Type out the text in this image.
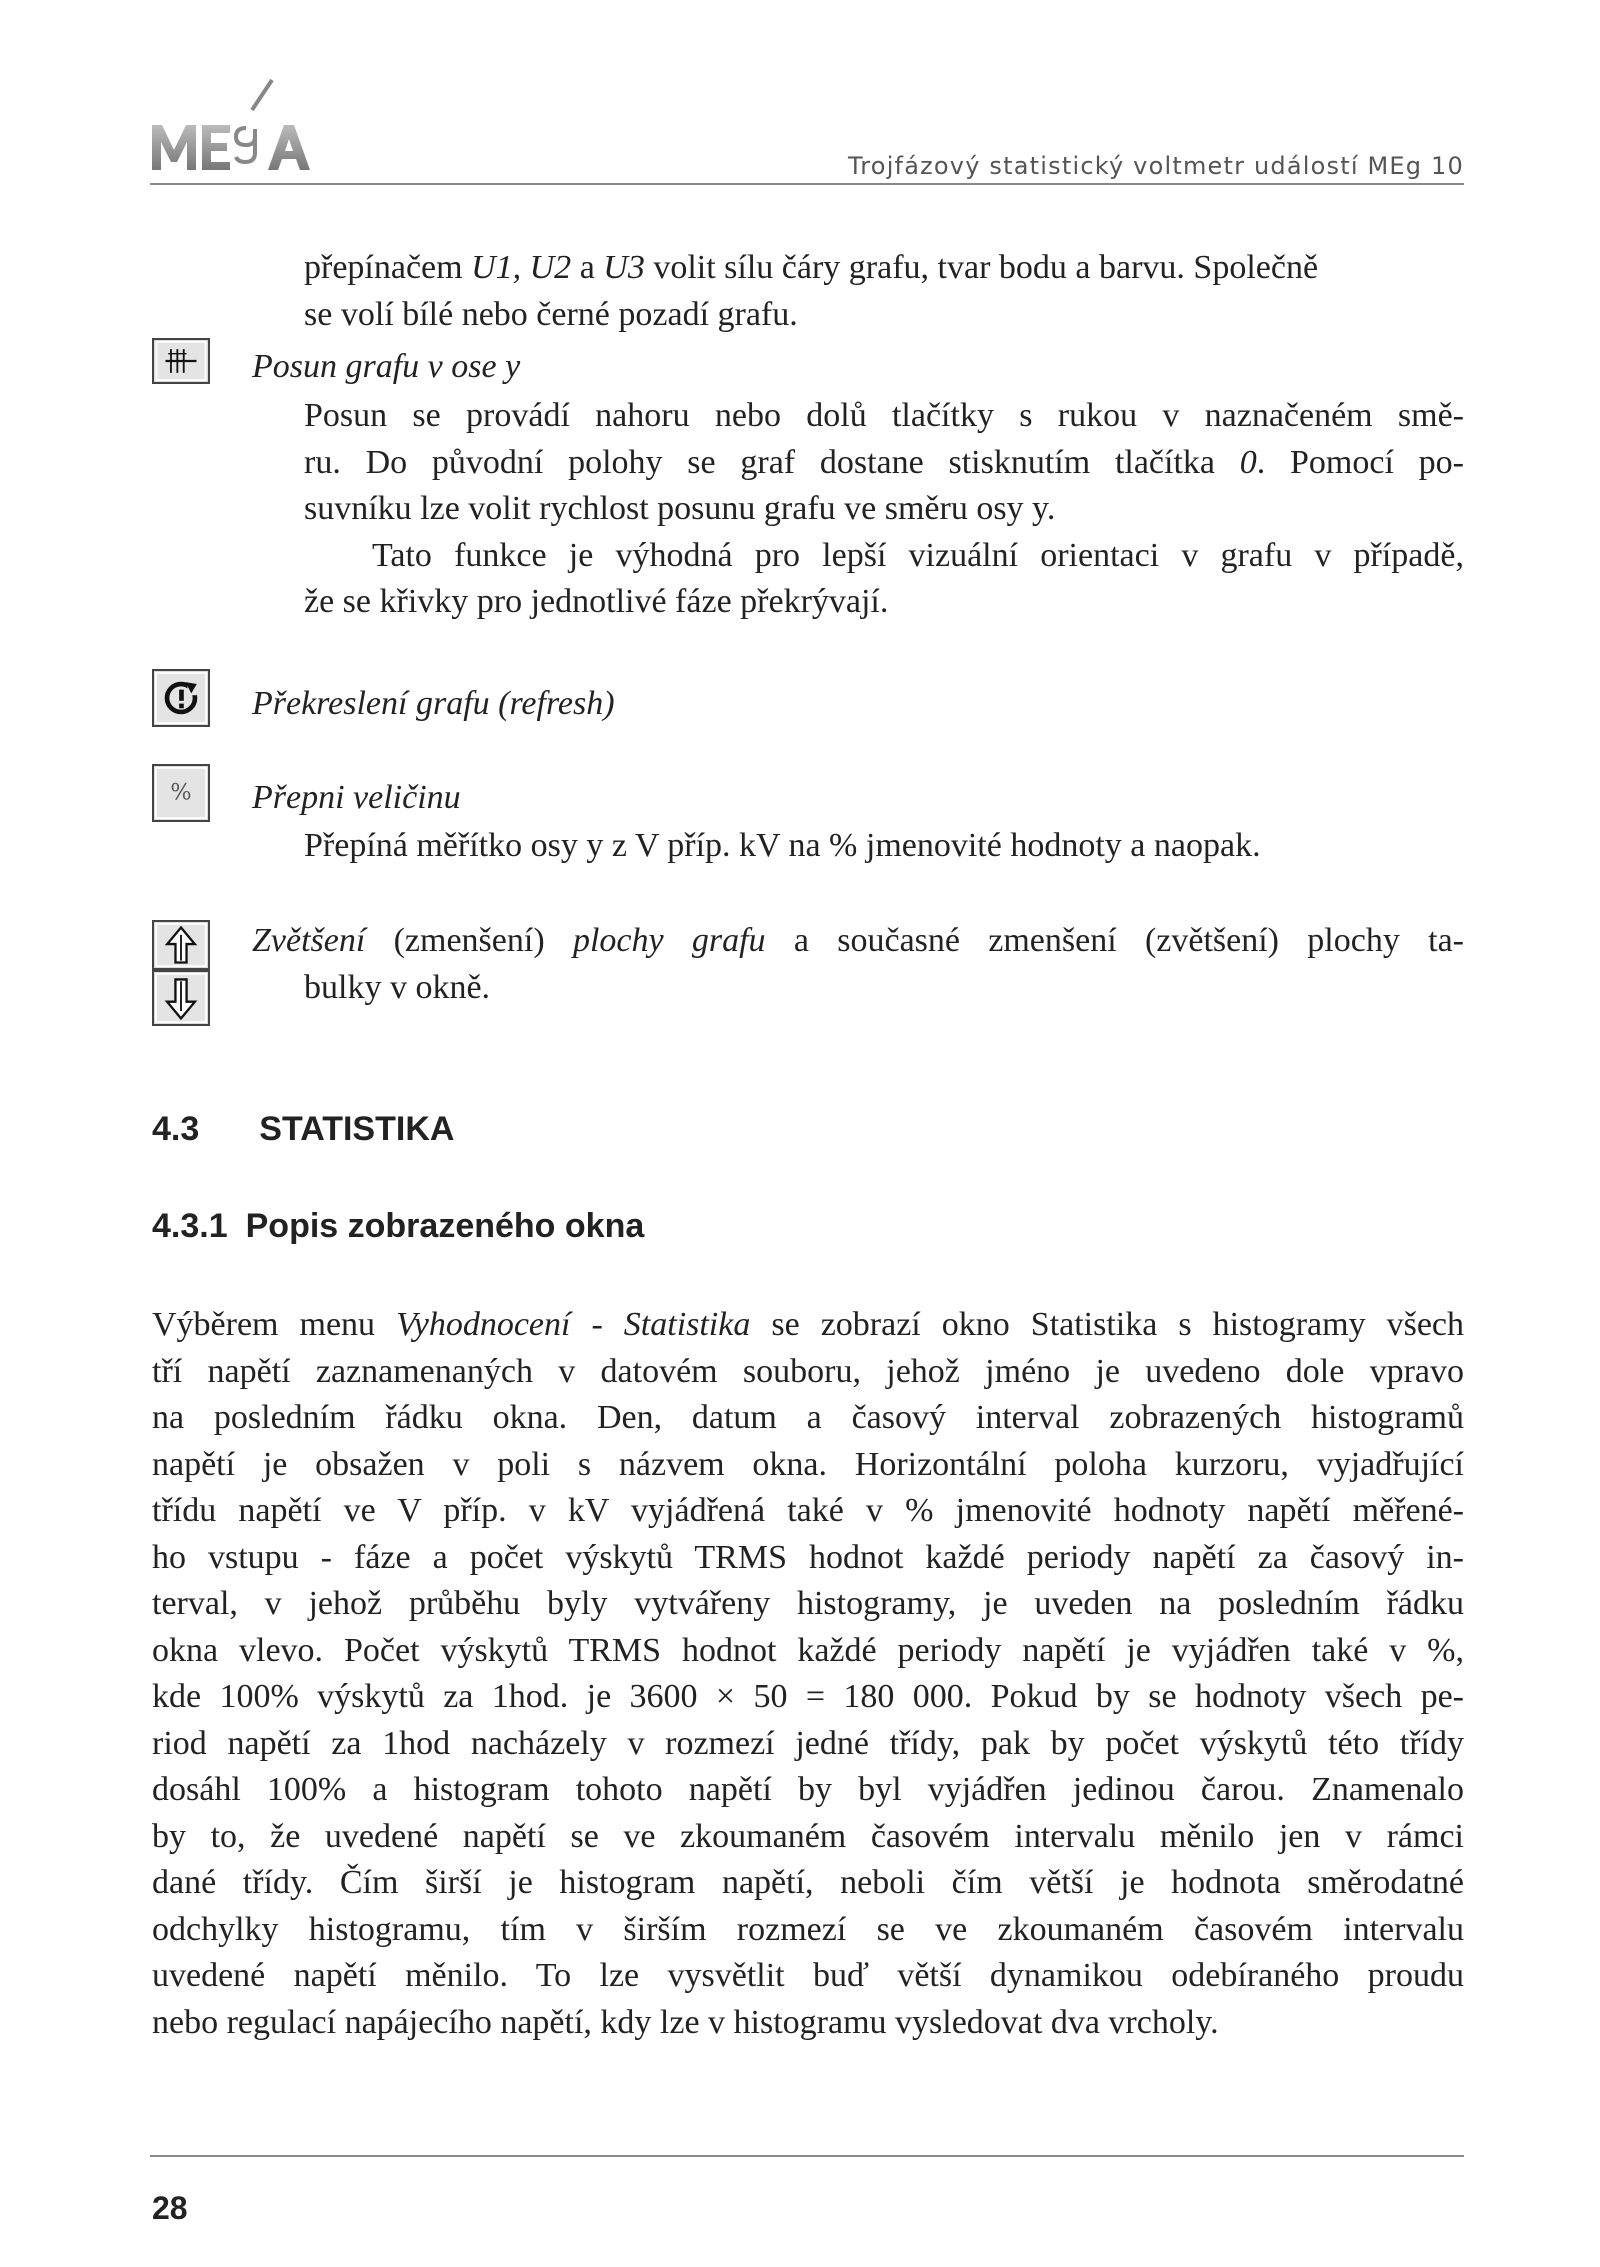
Trojfázový statistický voltmetr událostí MEg 10
přepínačem U1, U2 a U3 volit sílu čáry grafu, tvar bodu a barvu. Společně
se volí bílé nebo černé pozadí grafu.
Posun grafu v ose y
Posun se provádí nahoru nebo dolů tlačítky s rukou v naznačeném smě-
ru. Do původní polohy se graf dostane stisknutím tlačítka 0. Pomocí po-
suvníku lze volit rychlost posunu grafu ve směru osy y.
Tato funkce je výhodná pro lepší vizuální orientaci v grafu v případě,
že se křivky pro jednotlivé fáze překrývají.
Překreslení grafu (refresh)
% Přepni veličinu
Přepíná měřítko osy y z V příp. kV na % jmenovité hodnoty a naopak.
Zvětšení (zmenšení) plochy grafu a současné zmenšení (zvětšení) plochy ta-
bulky v okně.
4.3 STATISTIKA
4.3.1 Popis zobrazeného okna
Výběrem menu Vyhodnocení - Statistika se zobrazí okno Statistika s histogramy všech
tří napětí zaznamenaných v datovém souboru, jehož jméno je uvedeno dole vpravo
na posledním řádku okna. Den, datum a časový interval zobrazených histogramů
napětí je obsažen v poli s názvem okna. Horizontální poloha kurzoru, vyjadřující
třídu napětí ve V příp. v kV vyjádřená také v % jmenovité hodnoty napětí měřené-
ho vstupu - fáze a počet výskytů TRMS hodnot každé periody napětí za časový in-
terval, v jehož průběhu byly vytvářeny histogramy, je uveden na posledním řádku
okna vlevo. Počet výskytů TRMS hodnot každé periody napětí je vyjádřen také v %,
kde 100% výskytů za 1hod. je 3600 × 50 = 180 000. Pokud by se hodnoty všech pe-
riod napětí za 1hod nacházely v rozmezí jedné třídy, pak by počet výskytů této třídy
dosáhl 100% a histogram tohoto napětí by byl vyjádřen jedinou čarou. Znamenalo
by to, že uvedené napětí se ve zkoumaném časovém intervalu měnilo jen v rámci
dané třídy. Čím širší je histogram napětí, neboli čím větší je hodnota směrodatné
odchylky histogramu, tím v širším rozmezí se ve zkoumaném časovém intervalu
uvedené napětí měnilo. To lze vysvětlit buď větší dynamikou odebíraného proudu
nebo regulací napájecího napětí, kdy lze v histogramu vysledovat dva vrcholy.
28
